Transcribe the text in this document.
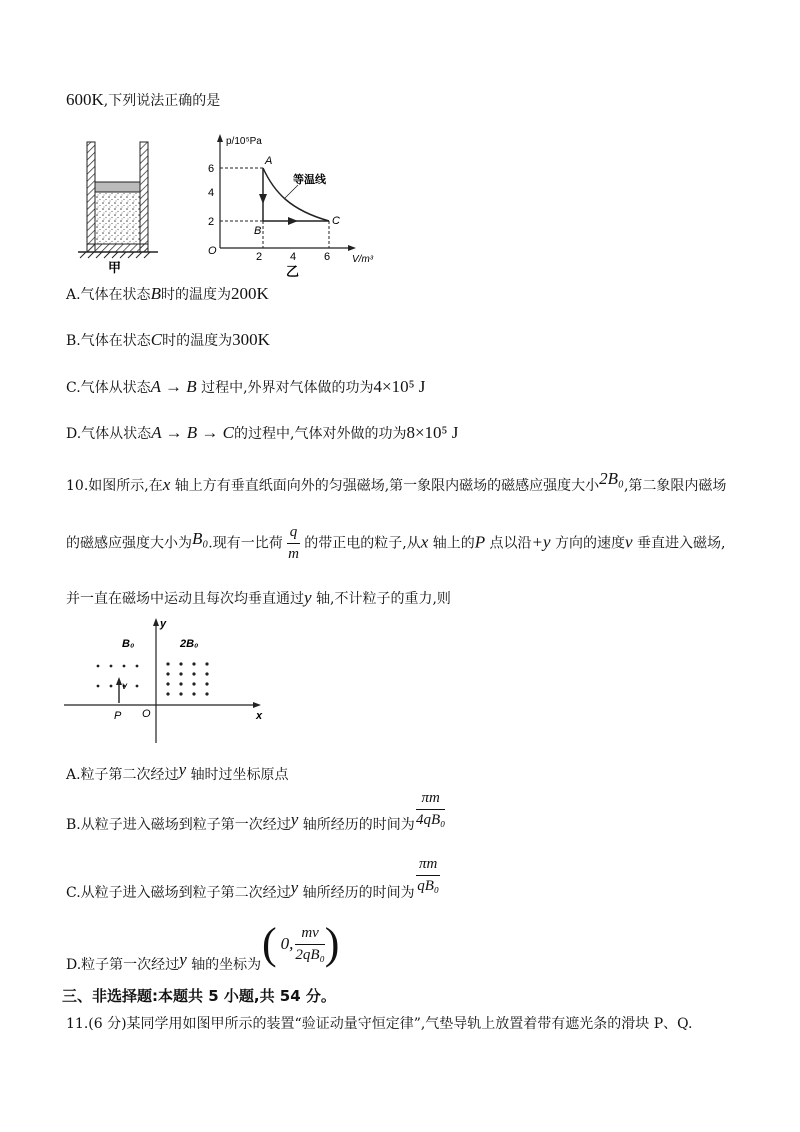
600K,下列说法正确的是
甲
p/10⁵Pa
V/m³
O
6
4
2
2	4	6
等温线
A
B
C
乙
A.气体在状态B时的温度为200K
B.气体在状态C时的温度为300K
C.气体从状态A → B 过程中,外界对气体做的功为4×10⁵ J
D.气体从状态A → B → C的过程中,气体对外做的功为8×10⁵ J
10.如图所示,在x 轴上方有垂直纸面向外的匀强磁场,第一象限内磁场的磁感应强度大小2B₀,第二象限内磁场
的磁感应强度大小为B₀.现有一比荷 $\frac{q}{m}$ 的带正电的粒子,从x 轴上的P 点以沿+y 方向的速度v 垂直进入磁场,
并一直在磁场中运动且每次均垂直通过y 轴,不计粒子的重力,则
y
x
O
P
B₀	2B₀
v
A.粒子第二次经过y 轴时过坐标原点
B.从粒子进入磁场到粒子第一次经过y 轴所经历的时间为 $\frac{\pi m}{\text{4qB₀}}$
C.从粒子进入磁场到粒子第二次经过y 轴所经历的时间为 $\frac{\pi m}{\text{qB₀}}$
D.粒子第一次经过y 轴的坐标为 ( 0, $\frac{mv}{\text{2qB₀}}$ )
三、非选择题:本题共 5 小题,共 54 分。
11.(6 分)某同学用如图甲所示的装置“验证动量守恒定律”,气垫导轨上放置着带有遮光条的滑块 P、Q.
